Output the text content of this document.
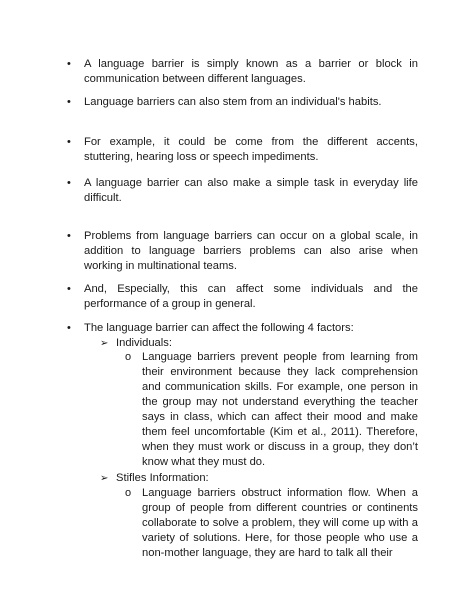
• A language barrier is simply known as a barrier or block in communication between different languages.

• Language barriers can also stem from an individual's habits.

• For example, it could be come from the different accents, stuttering, hearing loss or speech impediments.

• A language barrier can also make a simple task in everyday life difficult.

• Problems from language barriers can occur on a global scale, in addition to language barriers problems can also arise when working in multinational teams.

• And, Especially, this can affect some individuals and the performance of a group in general.

• The language barrier can affect the following 4 factors:

➢ Individuals:

o Language barriers prevent people from learning from their environment because they lack comprehension and communication skills. For example, one person in the group may not understand everything the teacher says in class, which can affect their mood and make them feel uncomfortable (Kim et al., 2011). Therefore, when they must work or discuss in a group, they don’t know what they must do.

➢ Stifles Information:

o Language barriers obstruct information flow. When a group of people from different countries or continents collaborate to solve a problem, they will come up with a variety of solutions. Here, for those people who use a non-mother language, they are hard to talk all their
